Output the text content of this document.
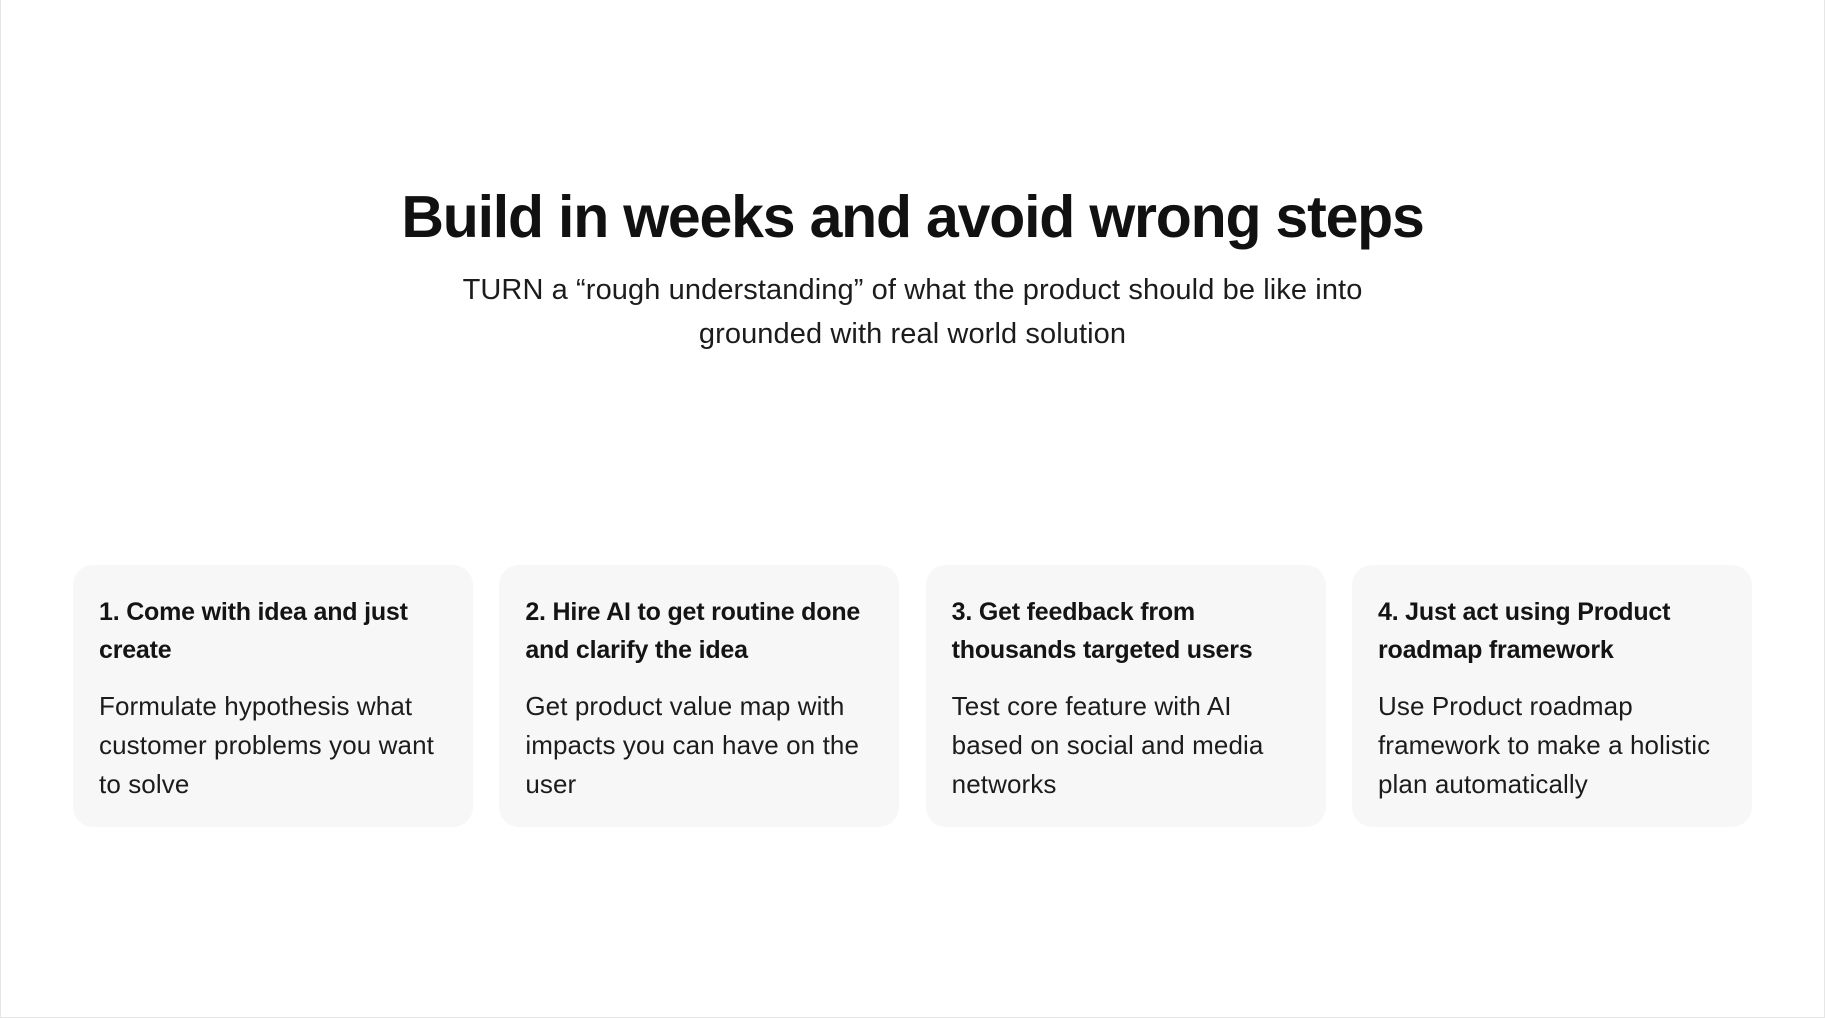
Build in weeks and avoid wrong steps

TURN a “rough understanding” of what the product should be like into grounded with real world solution

1. Come with idea and just create

Formulate hypothesis what customer problems you want to solve

2. Hire AI to get routine done and clarify the idea

Get product value map with impacts you can have on the user

3. Get feedback from thousands targeted users

Test core feature with AI based on social and media networks

4. Just act using Product roadmap framework

Use Product roadmap framework to make a holistic plan automatically
